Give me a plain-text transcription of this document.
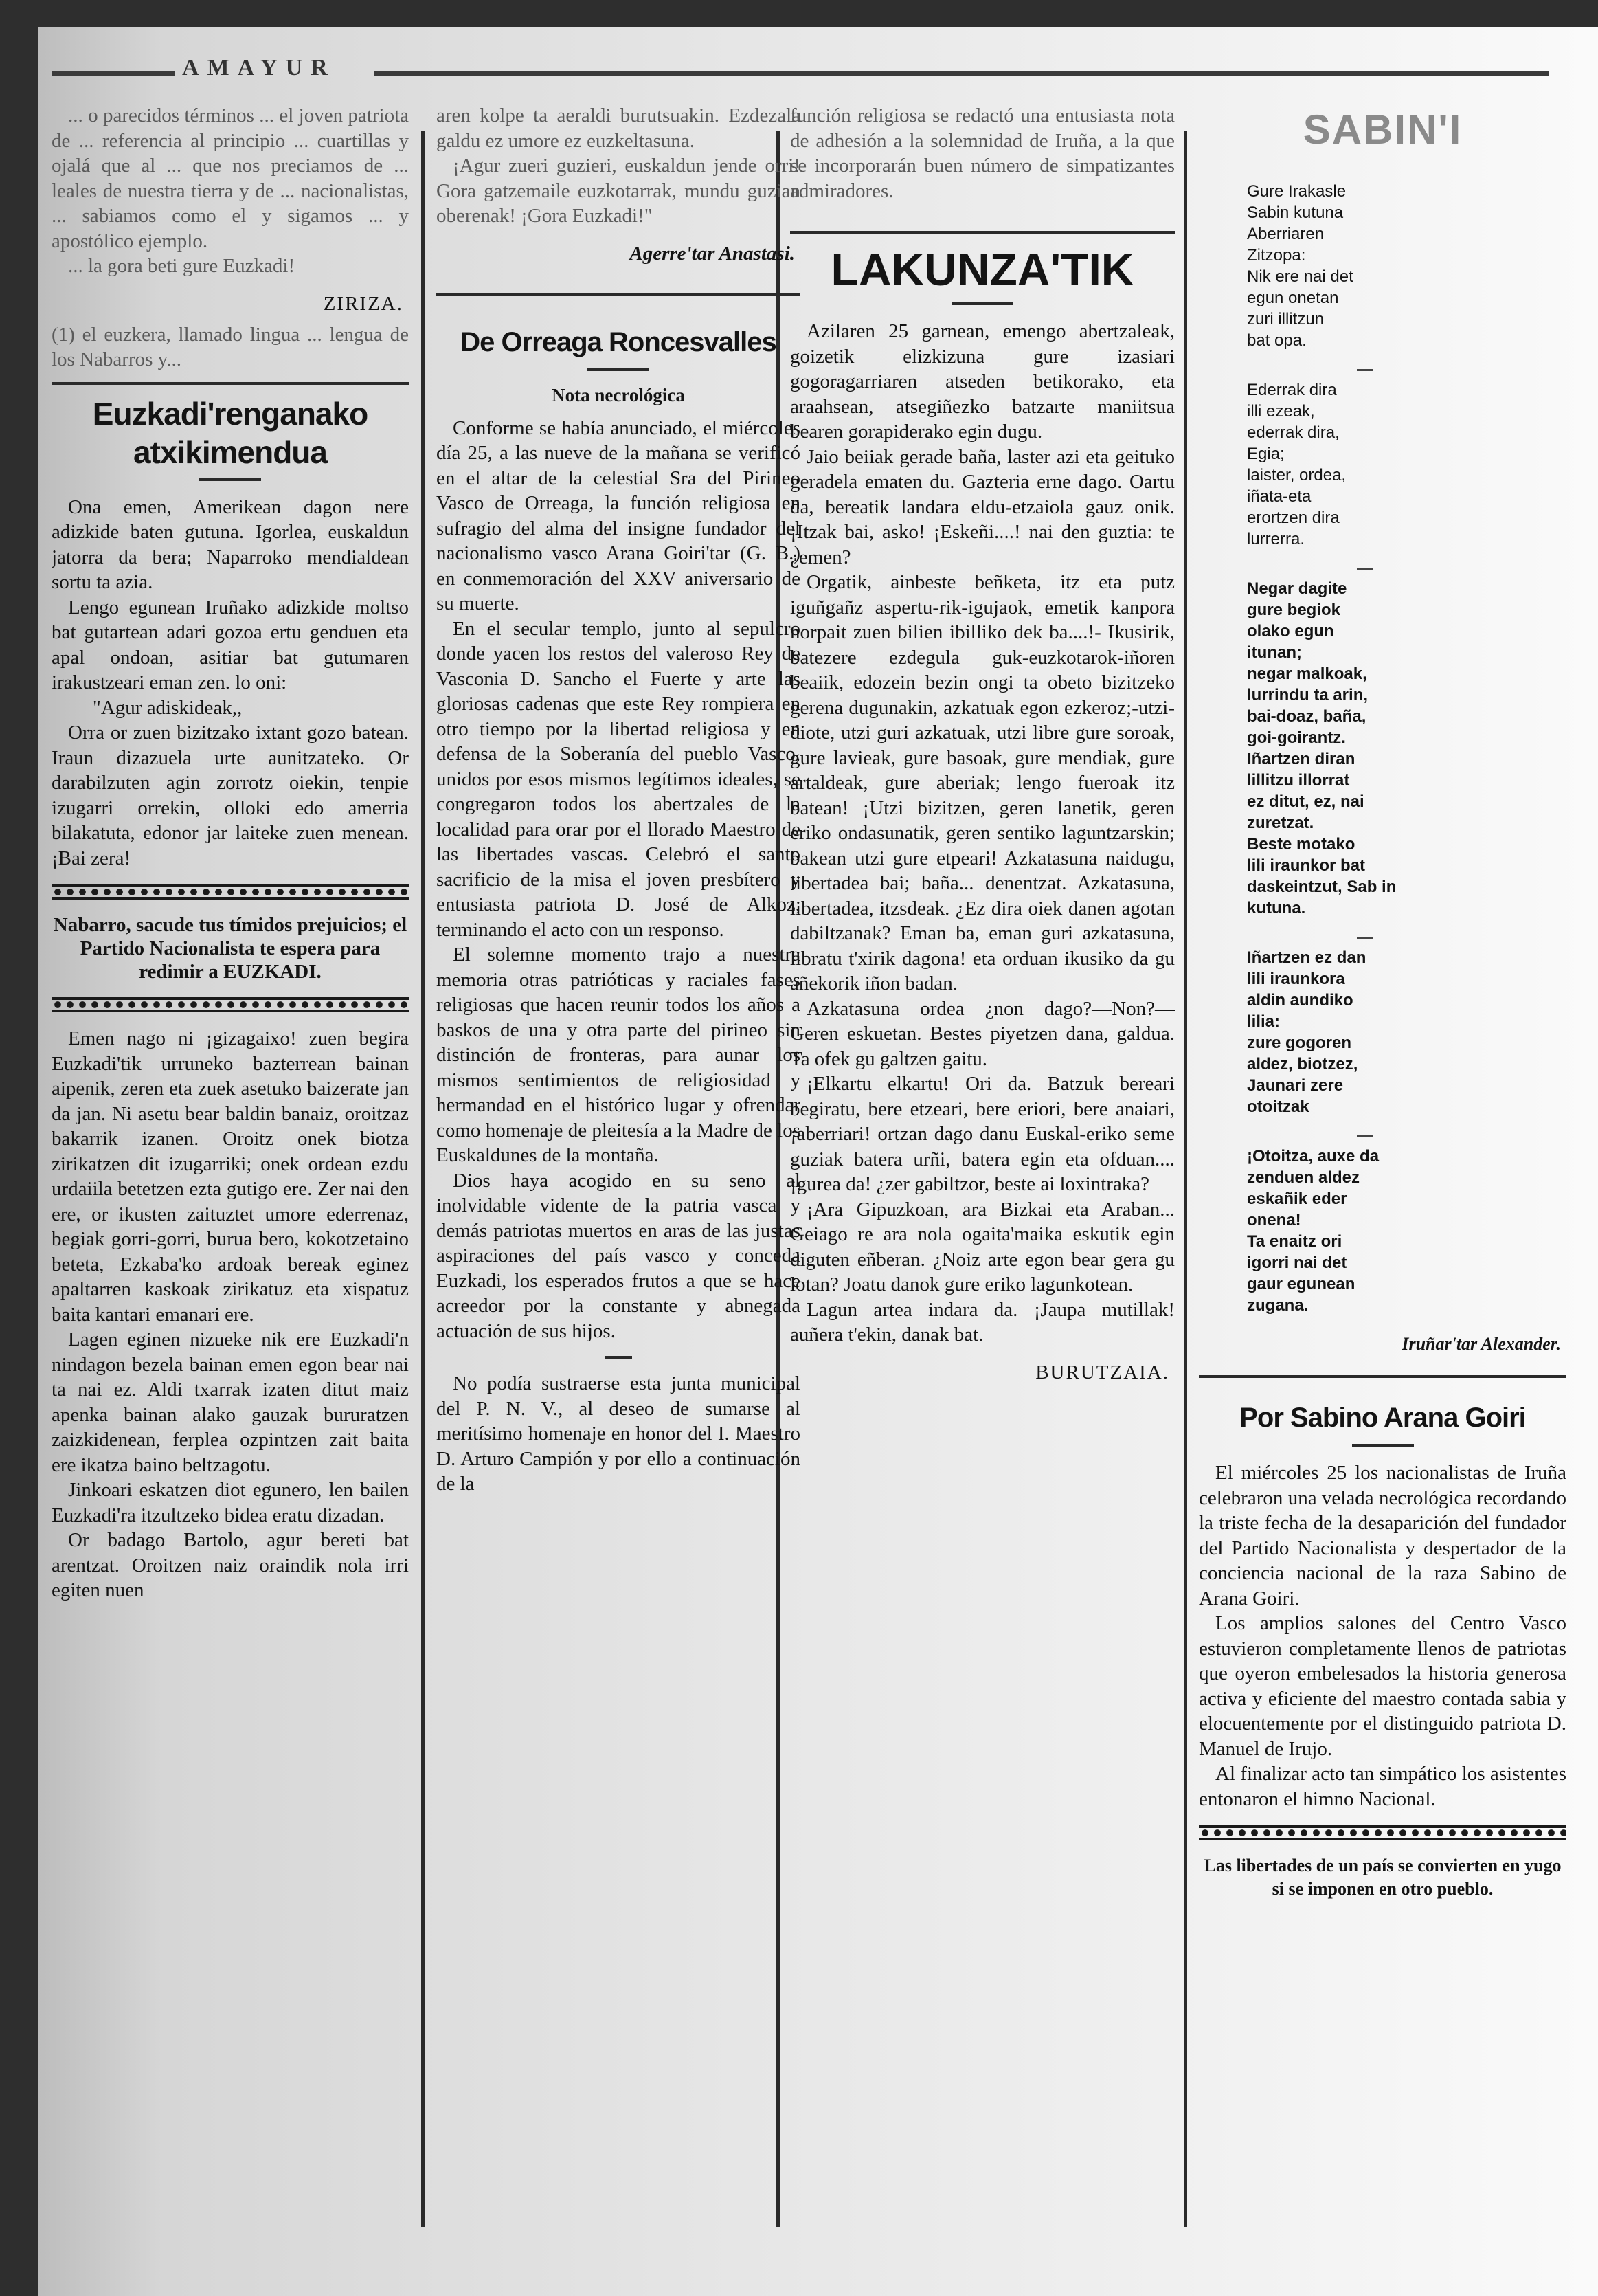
AMAYUR

... o parecidos términos ... el joven patriota de ... referencia al principio ... cuartillas y ojalá que al ... que nos preciamos de ... leales de nuestra tierra y de ... nacionalistas, ... sabiamos como el y sigamos ... y apostólico ejemplo.

... la gora beti gure Euzkadi!

ZIRIZA.

(1) el euzkera, llamado lingua ... lengua de los Nabarros y...

Euzkadi'renganako atxikimendua

Ona emen, Amerikean dagon nere adizkide baten gutuna. Igorlea, euskaldun jatorra da bera; Naparroko mendialdean sortu ta azia.

Lengo egunean Iruñako adizkide moltso bat gutartean adari gozoa ertu genduen eta apal ondoan, asitiar bat gutumaren irakustzeari eman zen. lo oni:

"Agur adiskideak,,

Orra or zuen bizitzako ixtant gozo batean. Iraun dizazuela urte aunitzateko. Or darabilzuten agin zorrotz oiekin, tenpie izugarri orrekin, olloki edo amerria bilakatuta, edonor jar laiteke zuen menean. ¡Bai zera!

Nabarro, sacude tus tímidos prejuicios; el Partido Nacionalista te espera para redimir a EUZKADI.

Emen nago ni ¡gizagaixo! zuen begira Euzkadi'tik urruneko bazterrean bainan aipenik, zeren eta zuek asetuko baizerate jan da jan. Ni asetu bear baldin banaiz, oroitzaz bakarrik izanen. Oroitz onek biotza zirikatzen dit izugarriki; onek ordean ezdu urdaiila betetzen ezta gutigo ere. Zer nai den ere, or ikusten zaituztet umore ederrenaz, begiak gorri-gorri, burua bero, kokotzetaino beteta, Ezkaba'ko ardoak bereak eginez apaltarren kaskoak zirikatuz eta xispatuz baita kantari emanari ere.

Lagen eginen nizueke nik ere Euzkadi'n nindagon bezela bainan emen egon bear nai ta nai ez. Aldi txarrak izaten ditut maiz apenka bainan alako gauzak bururatzen zaizkidenean, ferplea ozpintzen zait baita ere ikatza baino beltzagotu.

Jinkoari eskatzen diot egunero, len bailen Euzkadi'ra itzultzeko bidea eratu dizadan.

Or badago Bartolo, agur bereti bat arentzat. Oroitzen naiz oraindik nola irri egiten nuen

aren kolpe ta aeraldi burutsuakin. Ezdezala galdu ez umore ez euzkeltasuna.

¡Agur zueri guzieri, euskaldun jende orri! Gora gatzemaile euzkotarrak, mundu guzian oberenak! ¡Gora Euzkadi!"

Agerre'tar Anastasi.

De Orreaga Roncesvalles

Nota necrológica

Conforme se había anunciado, el miércoles día 25, a las nueve de la mañana se verificó en el altar de la celestial Sra del Pirineo Vasco de Orreaga, la función religiosa en sufragio del alma del insigne fundador del nacionalismo vasco Arana Goiri'tar (G. B.) en conmemoración del XXV aniversario de su muerte.

En el secular templo, junto al sepulcro donde yacen los restos del valeroso Rey de Vasconia D. Sancho el Fuerte y arte las gloriosas cadenas que este Rey rompiera en otro tiempo por la libertad religiosa y en defensa de la Soberanía del pueblo Vasco, unidos por esos mismos legítimos ideales, se congregaron todos los abertzales de la localidad para orar por el llorado Maestro de las libertades vascas. Celebró el santo sacrificio de la misa el joven presbítero y entusiasta patriota D. José de Alkoz, terminando el acto con un responso.

El solemne momento trajo a nuestra memoria otras patrióticas y raciales fases religiosas que hacen reunir todos los años a baskos de una y otra parte del pirineo sin distinción de fronteras, para aunar los mismos sentimientos de religiosidad y hermandad en el histórico lugar y ofrendar como homenaje de pleitesía a la Madre de los Euskaldunes de la montaña.

Dios haya acogido en su seno al inolvidable vidente de la patria vasca y demás patriotas muertos en aras de las justas aspiraciones del país vasco y conceda Euzkadi, los esperados frutos a que se hace acreedor por la constante y abnegada actuación de sus hijos.

No podía sustraerse esta junta municipal del P. N. V., al deseo de sumarse al meritísimo homenaje en honor del I. Maestro D. Arturo Campión y por ello a continuación de la

función religiosa se redactó una entusiasta nota de adhesión a la solemnidad de Iruña, a la que se incorporarán buen número de simpatizantes admiradores.

LAKUNZA'TIK

Azilaren 25 garnean, emengo abertzaleak, goizetik elizkizuna gure izasiari gogoragarriaren atseden betikorako, eta araahsean, atsegiñezko batzarte maniitsua bearen gorapiderako egin dugu.

Jaio beiiak gerade baña, laster azi eta geituko geradela ematen du. Gazteria erne dago. Oartu da, bereatik landara eldu-etzaiola gauz onik. ¡Itzak bai, asko! ¡Eskeñi....! nai den guztia: te ¿emen?

Orgatik, ainbeste beñketa, itz eta putz iguñgañz aspertu-rik-igujaok, emetik kanpora norpait zuen bilien ibilliko dek ba....!- Ikusirik, batezere ezdegula guk-euzkotarok-iñoren beaiik, edozein bezin ongi ta obeto bizitzeko gerena dugunakin, azkatuak egon ezkeroz;-utzi-diote, utzi guri azkatuak, utzi libre gure soroak, gure lavieak, gure basoak, gure mendiak, gure artaldeak, gure aberiak; lengo fueroak itz batean! ¡Utzi bizitzen, geren lanetik, geren eriko ondasunatik, geren sentiko laguntzarskin; bakean utzi gure etpeari! Azkatasuna naidugu, libertadea bai; baña... denentzat. Azkatasuna, libertadea, itzsdeak. ¿Ez dira oiek danen agotan dabiltzanak? Eman ba, eman guri azkatasuna, libratu t'xirik dagona! eta orduan ikusiko da gu añekorik iñon badan.

Azkatasuna ordea ¿non dago?—Non?—Geren eskuetan. Bestes piyetzen dana, galdua. Ta ofek gu galtzen gaitu.

¡Elkartu elkartu! Ori da. Batzuk bereari begiratu, bere etzeari, bere eriori, bere anaiari, ¡aberriari! ortzan dago danu Euskal-eriko seme guziak batera urñi, batera egin eta ofduan....¡gurea da! ¿zer gabiltzor, beste ai loxintraka?

¡Ara Gipuzkoan, ara Bizkai eta Araban... Geiago re ara nola ogaita'maika eskutik egin diguten eñberan. ¿Noiz arte egon bear gera gu lotan? Joatu danok gure eriko lagunkotean.

Lagun artea indara da. ¡Jaupa mutillak! auñera t'ekin, danak bat.

BURUTZAIA.

SABIN'I
Gure Irakasle
Sabin kutuna
Aberriaren
Zitzopa:
Nik ere nai det
egun onetan
zuri illitzun
bat opa.
Ederrak dira
illi ezeak,
ederrak dira,
Egia;
laister, ordea,
iñata-eta
erortzen dira
lurrerra.
Negar dagite
gure begiok
olako egun
itunan;
negar malkoak,
lurrindu ta arin,
bai-doaz, baña,
goi-goirantz.
Iñartzen diran
lillitzu illorrat
ez ditut, ez, nai
zuretzat.
Beste motako
lili iraunkor bat
daskeintzut, Sab in
kutuna.
Iñartzen ez dan
lili iraunkora
aldin aundiko
lilia:
zure gogoren
aldez, biotzez,
Jaunari zere
otoitzak
¡Otoitza, auxe da
zenduen aldez
eskañik eder
onena!
Ta enaitz ori
igorri nai det
gaur egunean
zugana.

Iruñar'tar Alexander.

Por Sabino Arana Goiri

El miércoles 25 los nacionalistas de Iruña celebraron una velada necrológica recordando la triste fecha de la desaparición del fundador del Partido Nacionalista y despertador de la conciencia nacional de la raza Sabino de Arana Goiri.

Los amplios salones del Centro Vasco estuvieron completamente llenos de patriotas que oyeron embelesados la historia generosa activa y eficiente del maestro contada sabia y elocuentemente por el distinguido patriota D. Manuel de Irujo.

Al finalizar acto tan simpático los asistentes entonaron el himno Nacional.

Las libertades de un país se convierten en yugo si se imponen en otro pueblo.
